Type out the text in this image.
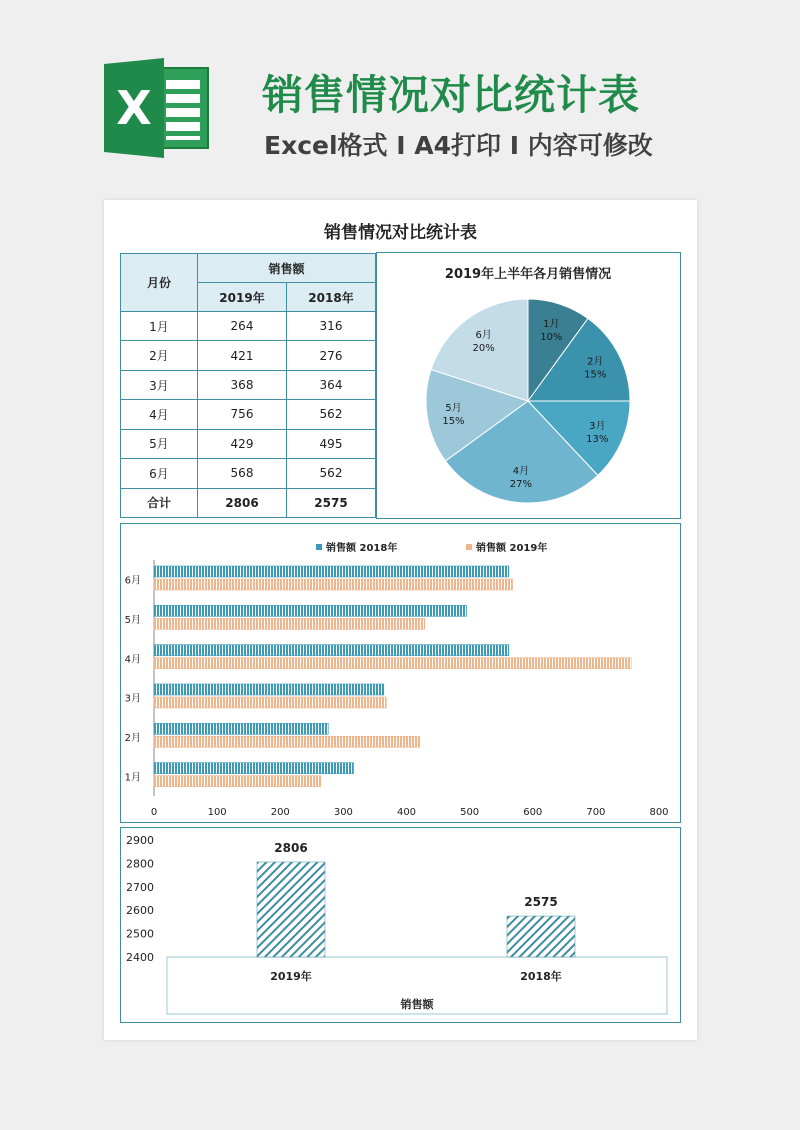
X	销售情况对比统计表
Excel格式 I A4打印 I 内容可修改
销售情况对比统计表
月份	销售额	
	2019年	2018年
1月	264	316
2月	421	276
3月	368	364
4月	756	562
5月	429	495
6月	568	562
合计	2806	2575
2019年上半年各月销售情况
1月
10%
2月
15%
3月
13%
4月
27%
5月
15%
6月
20%
销售额 2018年	销售额 2019年
0	100	200	300	400	500	600	700	800
1月
2月
3月
4月
5月
6月
2400
2500
2600
2700
2800
2900
2806
2019年
2575
2018年
销售额
